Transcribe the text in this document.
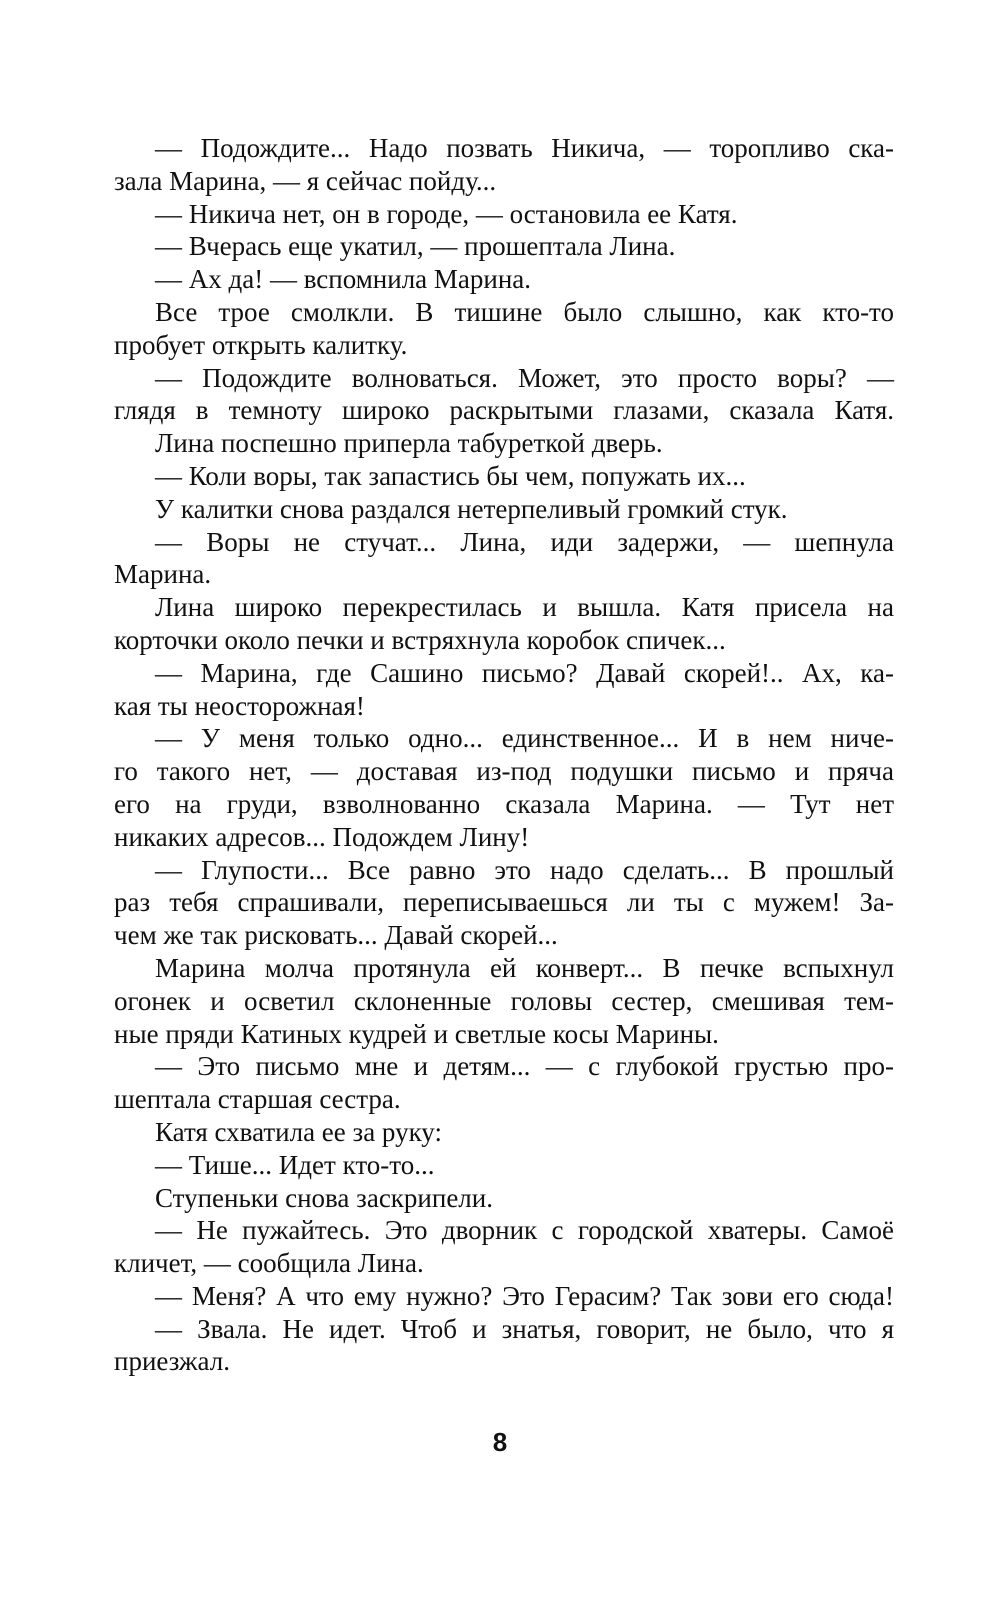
— Подождите... Надо позвать Никича, — торопливо ска-
зала Марина, — я сейчас пойду...
— Никича нет, он в городе, — остановила ее Катя.
— Вчерась еще укатил, — прошептала Лина.
— Ах да! — вспомнила Марина.
Все трое смолкли. В тишине было слышно, как кто-то
пробует открыть калитку.
— Подождите волноваться. Может, это просто воры? —
глядя в темноту широко раскрытыми глазами, сказала Катя.
Лина поспешно приперла табуреткой дверь.
— Коли воры, так запастись бы чем, попужать их...
У калитки снова раздался нетерпеливый громкий стук.
— Воры не стучат... Лина, иди задержи, — шепнула
Марина.
Лина широко перекрестилась и вышла. Катя присела на
корточки около печки и встряхнула коробок спичек...
— Марина, где Сашино письмо? Давай скорей!.. Ах, ка-
кая ты неосторожная!
— У меня только одно... единственное... И в нем ниче-
го такого нет, — доставая из-под подушки письмо и пряча
его на груди, взволнованно сказала Марина. — Тут нет
никаких адресов... Подождем Лину!
— Глупости... Все равно это надо сделать... В прошлый
раз тебя спрашивали, переписываешься ли ты с мужем! За-
чем же так рисковать... Давай скорей...
Марина молча протянула ей конверт... В печке вспыхнул
огонек и осветил склоненные головы сестер, смешивая тем-
ные пряди Катиных кудрей и светлые косы Марины.
— Это письмо мне и детям... — с глубокой грустью про-
шептала старшая сестра.
Катя схватила ее за руку:
— Тише... Идет кто-то...
Ступеньки снова заскрипели.
— Не пужайтесь. Это дворник с городской хватеры. Самоё
кличет, — сообщила Лина.
— Меня? А что ему нужно? Это Герасим? Так зови его сюда!
— Звала. Не идет. Чтоб и знатья, говорит, не было, что я
приезжал.
8
